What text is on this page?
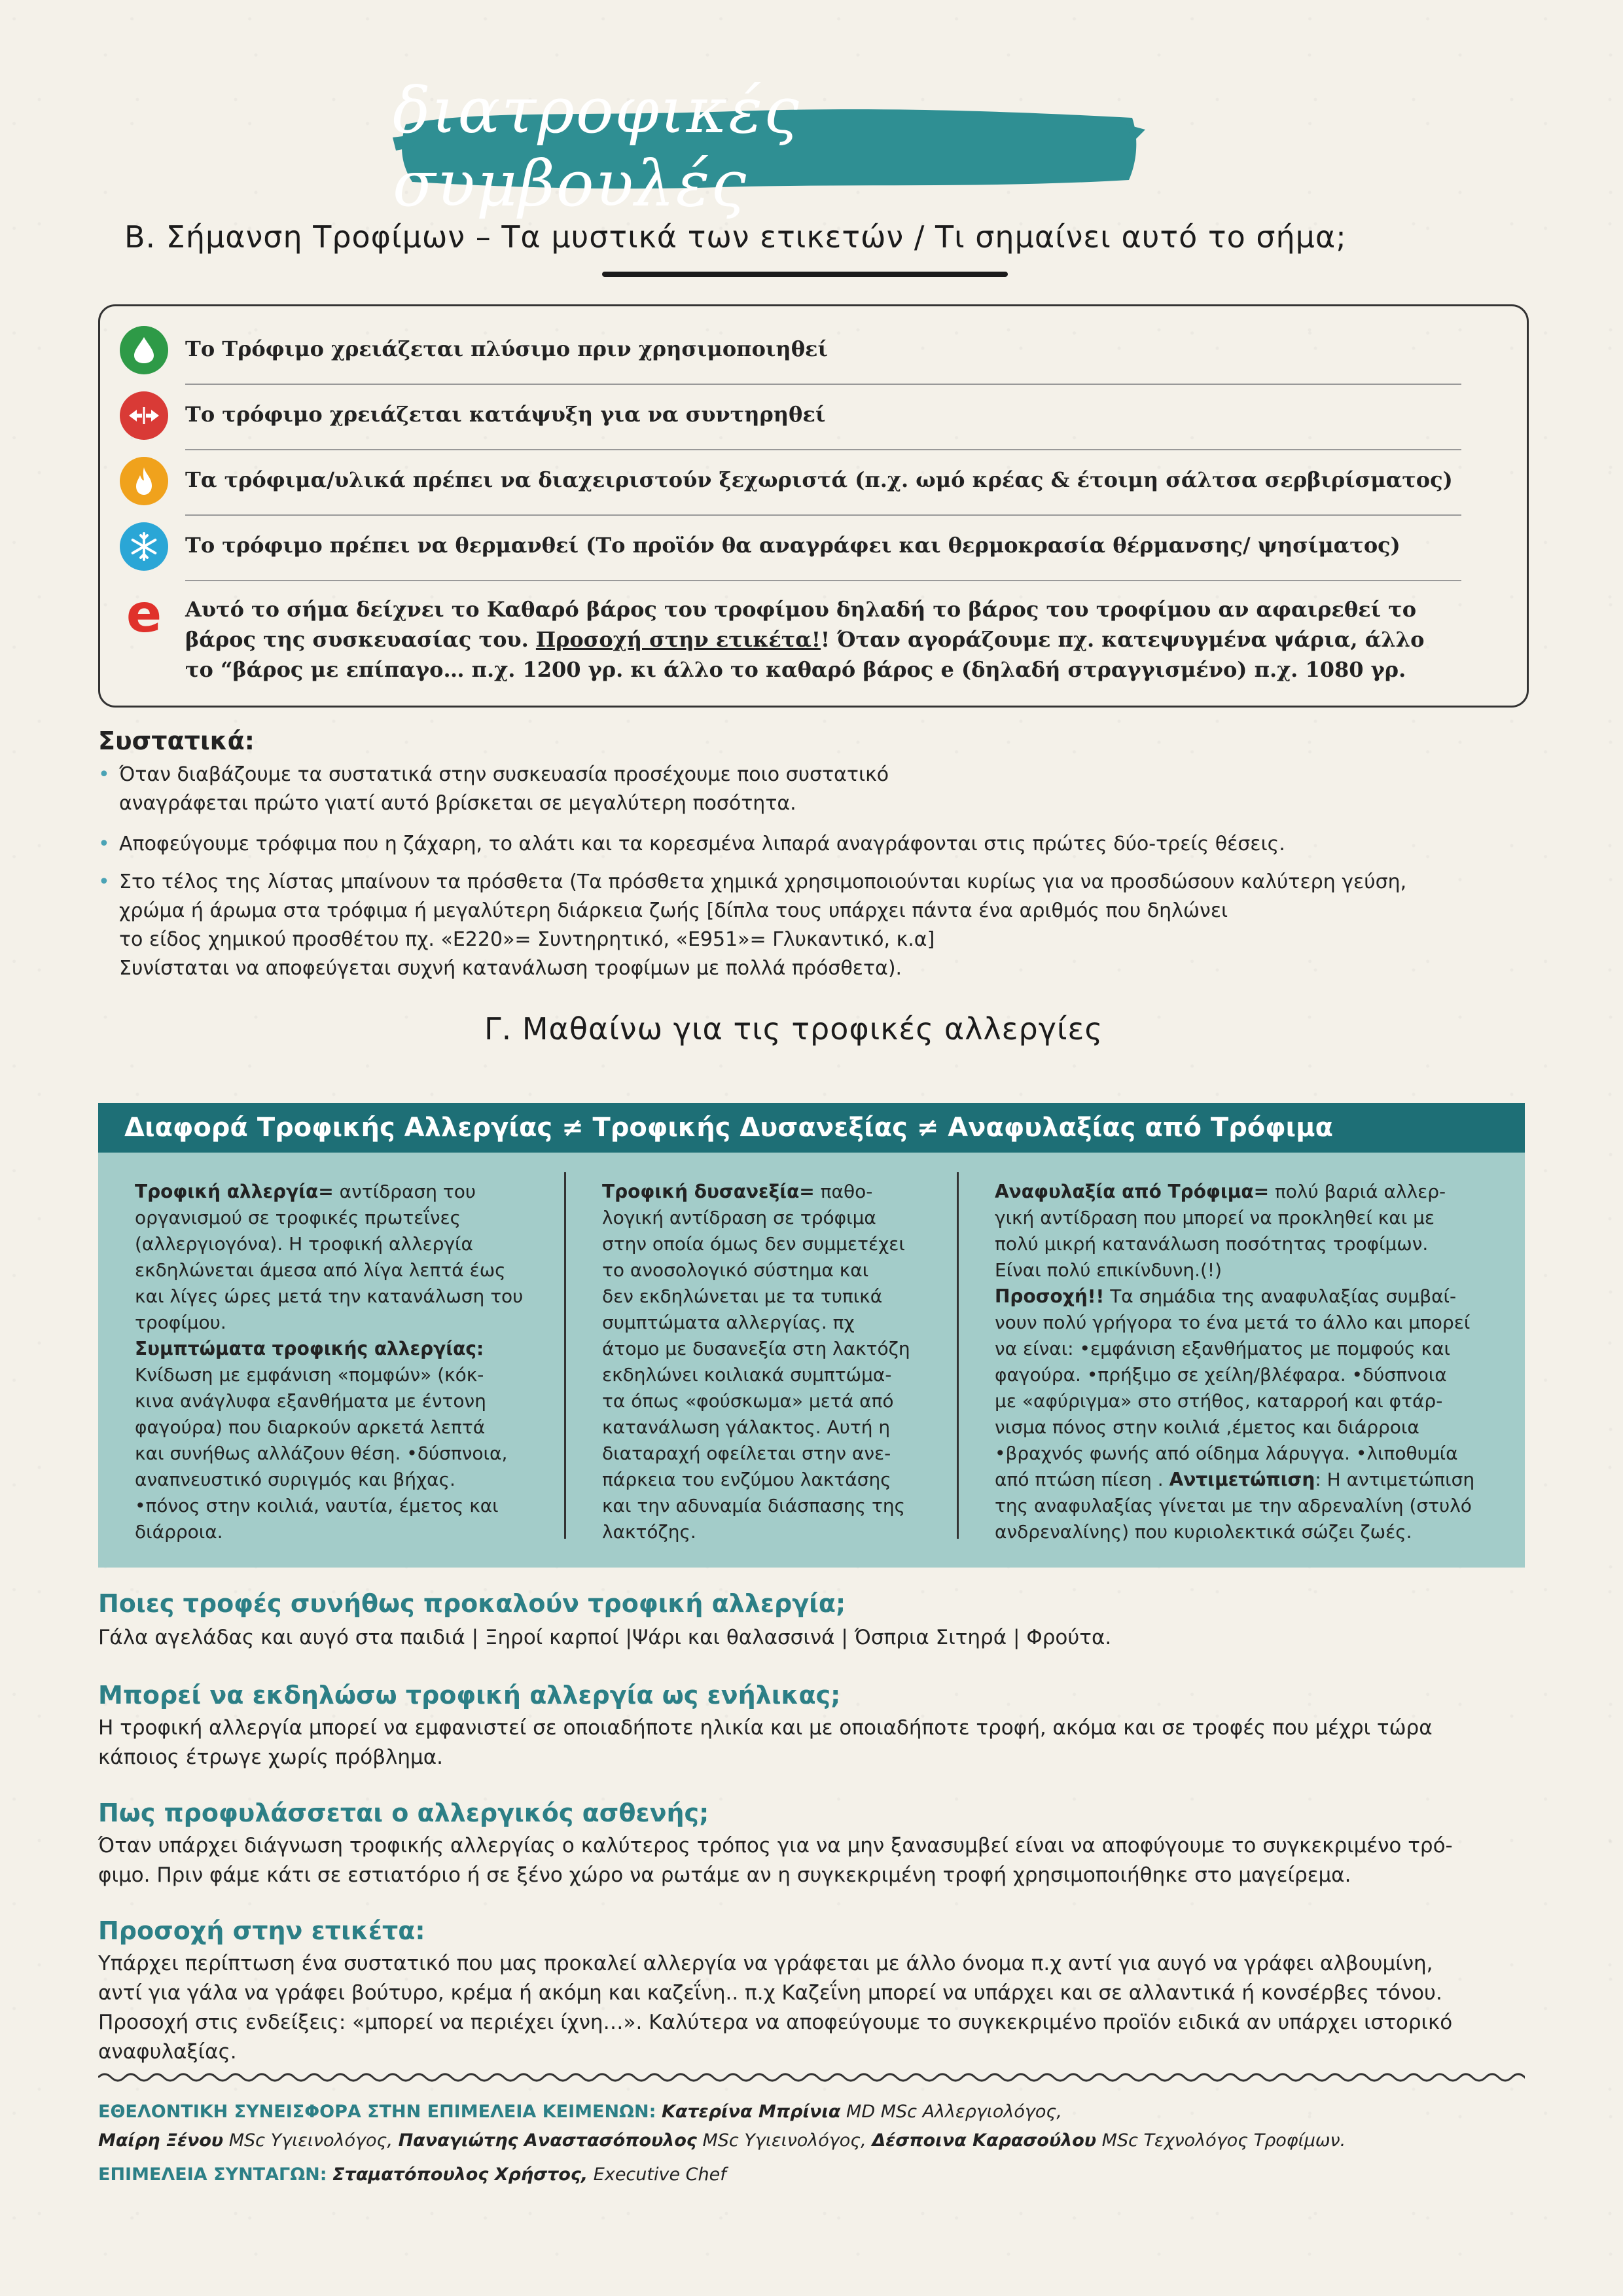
διατροφικές συμβουλές
Β. Σήμανση Τροφίμων – Τα μυστικά των ετικετών / Τι σημαίνει αυτό το σήμα;
Το Τρόφιμο χρειάζεται πλύσιμο πριν χρησιμοποιηθεί
Το τρόφιμο χρειάζεται κατάψυξη για να συντηρηθεί
Τα τρόφιμα/υλικά πρέπει να διαχειριστούν ξεχωριστά (π.χ. ωμό κρέας & έτοιμη σάλτσα σερβιρίσματος)
Το τρόφιμο πρέπει να θερμανθεί (Το προϊόν θα αναγράφει και θερμοκρασία θέρμανσης/ ψησίματος)
e	Αυτό το σήμα δείχνει το Καθαρό βάρος του τροφίμου δηλαδή το βάρος του τροφίμου αν αφαιρεθεί το
βάρος της συσκευασίας του. Προσοχή στην ετικέτα!! Όταν αγοράζουμε πχ. κατεψυγμένα ψάρια, άλλο
το “βάρος με επίπαγο… π.χ. 1200 γρ. κι άλλο το καθαρό βάρος e (δηλαδή στραγγισμένο) π.χ. 1080 γρ.
Συστατικά:
• Όταν διαβάζουμε τα συστατικά στην συσκευασία προσέχουμε ποιο συστατικό
αναγράφεται πρώτο γιατί αυτό βρίσκεται σε μεγαλύτερη ποσότητα.
• Αποφεύγουμε τρόφιμα που η ζάχαρη, το αλάτι και τα κορεσμένα λιπαρά αναγράφονται στις πρώτες δύο-τρείς θέσεις.
• Στο τέλος της λίστας μπαίνουν τα πρόσθετα (Τα πρόσθετα χημικά χρησιμοποιούνται κυρίως για να προσδώσουν καλύτερη γεύση,
χρώμα ή άρωμα στα τρόφιμα ή μεγαλύτερη διάρκεια ζωής [δίπλα τους υπάρχει πάντα ένα αριθμός που δηλώνει
το είδος χημικού προσθέτου πχ. «Ε220»= Συντηρητικό, «Ε951»= Γλυκαντικό, κ.α]
Συνίσταται να αποφεύγεται συχνή κατανάλωση τροφίμων με πολλά πρόσθετα).
Γ. Μαθαίνω για τις τροφικές αλλεργίες
Διαφορά Τροφικής Αλλεργίας ≠ Τροφικής Δυσανεξίας ≠ Αναφυλαξίας από Τρόφιμα
Τροφική αλλεργία= αντίδραση του
οργανισμού σε τροφικές πρωτεΐνες
(αλλεργιογόνα). Η τροφική αλλεργία
εκδηλώνεται άμεσα από λίγα λεπτά έως
και λίγες ώρες μετά την κατανάλωση του
τροφίμου.
Συμπτώματα τροφικής αλλεργίας:
Κνίδωση με εμφάνιση «πομφών» (κόκ-
κινα ανάγλυφα εξανθήματα με έντονη
φαγούρα) που διαρκούν αρκετά λεπτά
και συνήθως αλλάζουν θέση. •δύσπνοια,
αναπνευστικό συριγμός και βήχας.
•πόνος στην κοιλιά, ναυτία, έμετος και
διάρροια.
Τροφική δυσανεξία= παθο-
λογική αντίδραση σε τρόφιμα
στην οποία όμως δεν συμμετέχει
το ανοσολογικό σύστημα και
δεν εκδηλώνεται με τα τυπικά
συμπτώματα αλλεργίας. πχ
άτομο με δυσανεξία στη λακτόζη
εκδηλώνει κοιλιακά συμπτώμα-
τα όπως «φούσκωμα» μετά από
κατανάλωση γάλακτος. Αυτή η
διαταραχή οφείλεται στην ανε-
πάρκεια του ενζύμου λακτάσης
και την αδυναμία διάσπασης της
λακτόζης.
Αναφυλαξία από Τρόφιμα= πολύ βαριά αλλερ-
γική αντίδραση που μπορεί να προκληθεί και με
πολύ μικρή κατανάλωση ποσότητας τροφίμων.
Είναι πολύ επικίνδυνη.(!)
Προσοχή!! Τα σημάδια της αναφυλαξίας συμβαί-
νουν πολύ γρήγορα το ένα μετά το άλλο και μπορεί
να είναι: •εμφάνιση εξανθήματος με πομφούς και
φαγούρα. •πρήξιμο σε χείλη/βλέφαρα. •δύσπνοια
με «αφύριγμα» στο στήθος, καταρροή και φτάρ-
νισμα πόνος στην κοιλιά ,έμετος και διάρροια
•βραχνός φωνής από οίδημα λάρυγγα. •λιποθυμία
από πτώση πίεση . Αντιμετώπιση: Η αντιμετώπιση
της αναφυλαξίας γίνεται με την αδρεναλίνη (στυλό
ανδρεναλίνης) που κυριολεκτικά σώζει ζωές.
Ποιες τροφές συνήθως προκαλούν τροφική αλλεργία;
Γάλα αγελάδας και αυγό στα παιδιά | Ξηροί καρποί |Ψάρι και θαλασσινά | Όσπρια Σιτηρά | Φρούτα.
Μπορεί να εκδηλώσω τροφική αλλεργία ως ενήλικας;
Η τροφική αλλεργία μπορεί να εμφανιστεί σε οποιαδήποτε ηλικία και με οποιαδήποτε τροφή, ακόμα και σε τροφές που μέχρι τώρα
κάποιος έτρωγε χωρίς πρόβλημα.
Πως προφυλάσσεται ο αλλεργικός ασθενής;
Όταν υπάρχει διάγνωση τροφικής αλλεργίας ο καλύτερος τρόπος για να μην ξανασυμβεί είναι να αποφύγουμε το συγκεκριμένο τρό-
φιμο. Πριν φάμε κάτι σε εστιατόριο ή σε ξένο χώρο να ρωτάμε αν η συγκεκριμένη τροφή χρησιμοποιήθηκε στο μαγείρεμα.
Προσοχή στην ετικέτα:
Υπάρχει περίπτωση ένα συστατικό που μας προκαλεί αλλεργία να γράφεται με άλλο όνομα π.χ αντί για αυγό να γράφει αλβουμίνη,
αντί για γάλα να γράφει βούτυρο, κρέμα ή ακόμη και καζεΐνη.. π.χ Καζεΐνη μπορεί να υπάρχει και σε αλλαντικά ή κονσέρβες τόνου.
Προσοχή στις ενδείξεις: «μπορεί να περιέχει ίχνη…». Καλύτερα να αποφεύγουμε το συγκεκριμένο προϊόν ειδικά αν υπάρχει ιστορικό
αναφυλαξίας.
ΕΘΕΛΟΝΤΙΚΗ ΣΥΝΕΙΣΦΟΡΑ ΣΤΗΝ ΕΠΙΜΕΛΕΙΑ ΚΕΙΜΕΝΩΝ: Κατερίνα Μπρίνια MD MSc Αλλεργιολόγος,
Μαίρη Ξένου MSc Υγιεινολόγος, Παναγιώτης Αναστασόπουλος MSc Υγιεινολόγος, Δέσποινα Καρασούλου MSc Τεχνολόγος Τροφίμων.
ΕΠΙΜΕΛΕΙΑ ΣΥΝΤΑΓΩΝ: Σταματόπουλος Χρήστος, Executive Chef
